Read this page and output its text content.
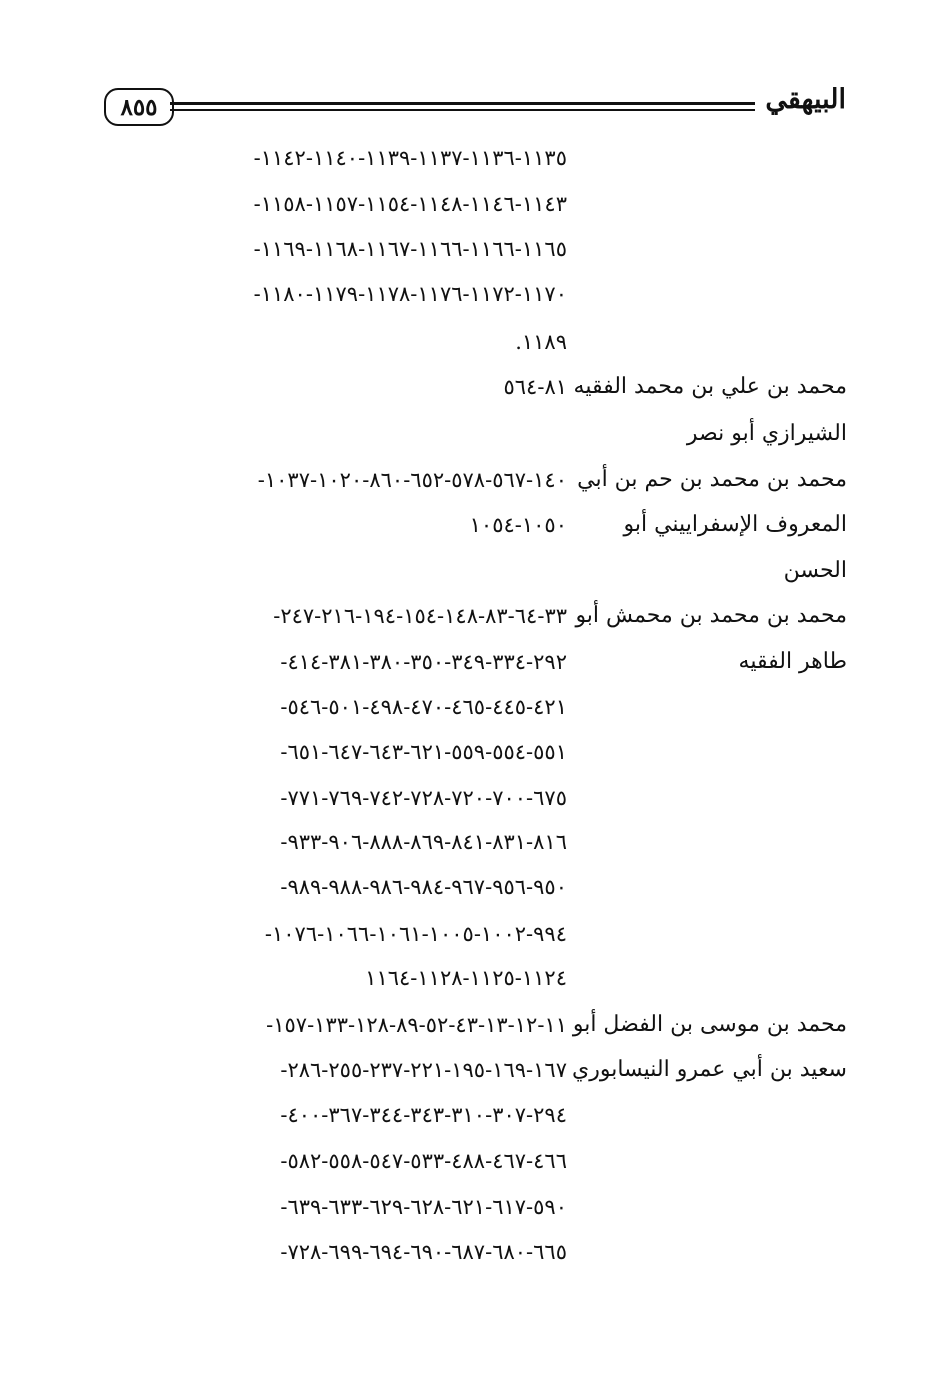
٨٥٥	البيهقي
١١٣٥-١١٣٦-١١٣٧-١١٣٩-١١٤٠-١١٤٢-
١١٤٣-١١٤٦-١١٤٨-١١٥٤-١١٥٧-١١٥٨-
١١٦٥-١١٦٦-١١٦٦-١١٦٧-١١٦٨-١١٦٩-
١١٧٠-١١٧٢-١١٧٦-١١٧٨-١١٧٩-١١٨٠-
١١٨٩.
محمد بن علي بن محمد الفقيه
٨١-٥٦٤
الشيرازي أبو نصر
محمد بن محمد بن حم بن أبي
١٤٠-٥٦٧-٥٧٨-٦٥٢-٨٦٠-١٠٢٠-١٠٣٧-
المعروف الإسفراييني أبو
١٠٥٠-١٠٥٤
الحسن
محمد بن محمد بن محمش أبو
٣٣-٦٤-٨٣-١٤٨-١٥٤-١٩٤-٢١٦-٢٤٧-
طاهر الفقيه
٢٩٢-٣٣٤-٣٤٩-٣٥٠-٣٨٠-٣٨١-٤١٤-
٤٢١-٤٤٥-٤٦٥-٤٧٠-٤٩٨-٥٠١-٥٤٦-
٥٥١-٥٥٤-٥٥٩-٦٢١-٦٤٣-٦٤٧-٦٥١-
٦٧٥-٧٠٠-٧٢٠-٧٢٨-٧٤٢-٧٦٩-٧٧١-
٨١٦-٨٣١-٨٤١-٨٦٩-٨٨٨-٩٠٦-٩٣٣-
٩٥٠-٩٥٦-٩٦٧-٩٨٤-٩٨٦-٩٨٨-٩٨٩-
٩٩٤-١٠٠٢-١٠٠٥-١٠٦١-١٠٦٦-١٠٧٦-
١١٢٤-١١٢٥-١١٢٨-١١٦٤
محمد بن موسى بن الفضل أبو
١١-١٢-١٣-٤٣-٥٢-٨٩-١٢٨-١٣٣-١٥٧-
سعيد بن أبي عمرو النيسابوري
١٦٧-١٦٩-١٩٥-٢٢١-٢٣٧-٢٥٥-٢٨٦-
٢٩٤-٣٠٧-٣١٠-٣٤٣-٣٤٤-٣٦٧-٤٠٠-
٤٦٦-٤٦٧-٤٨٨-٥٣٣-٥٤٧-٥٥٨-٥٨٢-
٥٩٠-٦١٧-٦٢١-٦٢٨-٦٢٩-٦٣٣-٦٣٩-
٦٦٥-٦٨٠-٦٨٧-٦٩٠-٦٩٤-٦٩٩-٧٢٨-
